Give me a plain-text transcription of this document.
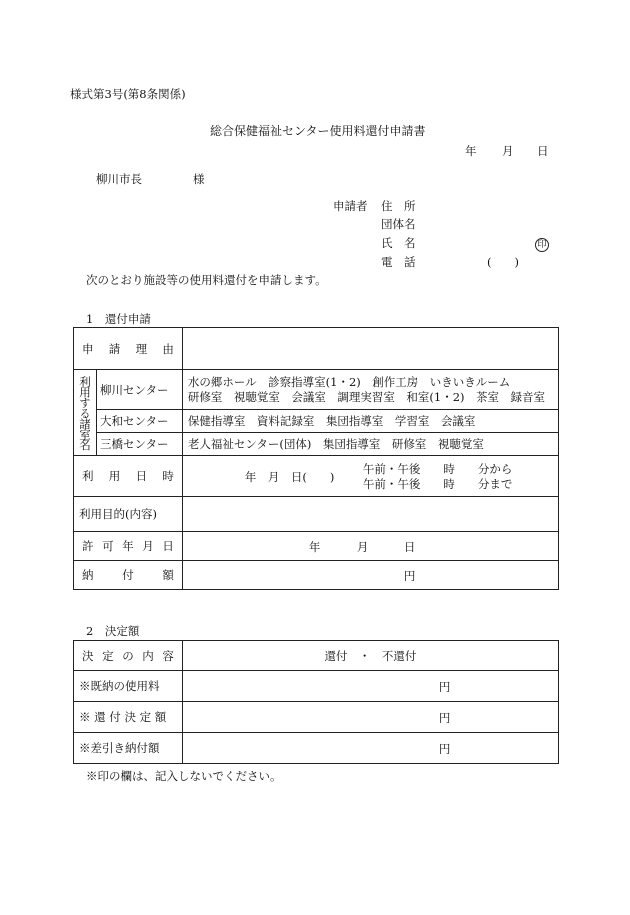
様式第3号(第8条関係)
総合保健福祉センター使用料還付申請書
年 月 日
柳川市長	様
申請者 住　所
団体名
氏　名	印
電　話	(　　)
次のとおり施設等の使用料還付を申請します。
1　還付申請
申 請 理 由		

利用する諸室名	柳川センター	水の郷ホール　診察指導室(1・2)　創作工房　いきいきルーム
研修室　視聴覚室　会議室　調理実習室　和室(1・2)　茶室　録音室

	大和センター	保健指導室　資料記録室　集団指導室　学習室　会議室
	三橋センター	老人福祉センター(団体)　集団指導室　研修室　視聴覚室

利 用 日 時		年　月　日(　　)
午前・午後　　時　　分から
午前・午後　　時　　分まで

利用目的(内容)		

許 可 年 月 日		年 月 日

納 付 額		円
2　決定額
決 定 の 内 容	還付　・　不還付
※既納の使用料	円

※ 還 付 決 定 額	円

※差引き納付額	円
※印の欄は、記入しないでください。
